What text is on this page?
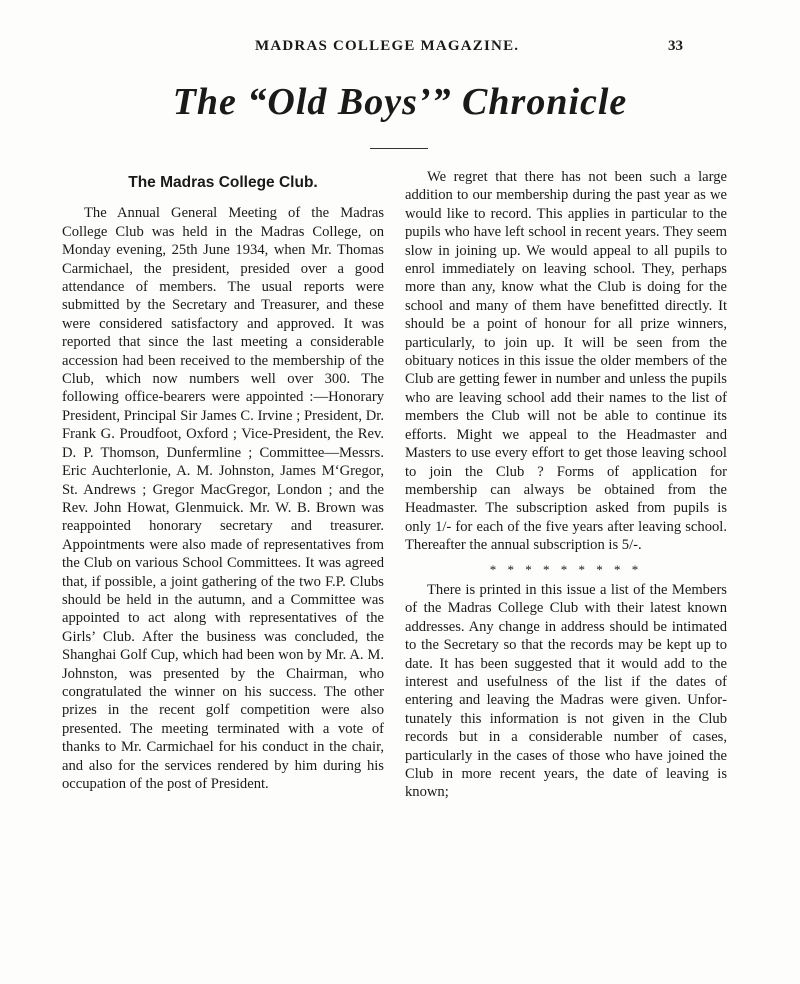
MADRAS COLLEGE MAGAZINE.	33
The “Old Boys’” Chronicle
The Madras College Club.

The Annual General Meeting of the Madras College Club was held in the Madras College, on Monday evening, 25th June 1934, when Mr. Thomas Carmichael, the president, presided over a good attendance of members. The usual reports were submitted by the Secretary and Treasurer, and these were considered satisfactory and approved. It was reported that since the last meeting a considerable accession had been received to the membership of the Club, which now numbers well over 300. The following office-bearers were appointed :—Honorary President, Principal Sir James C. Irvine ; President, Dr. Frank G. Proudfoot, Oxford ; Vice-President, the Rev. D. P. Thomson, Dunfermline ; Committee—Messrs. Eric Auchterlonie, A. M. Johnston, James M‘Gregor, St. Andrews ; Gregor MacGregor, London ; and the Rev. John Howat, Glenmuick. Mr. W. B. Brown was reappointed honorary secretary and treasurer. Appointments were also made of representatives from the Club on various School Committees. It was agreed that, if possible, a joint gathering of the two F.P. Clubs should be held in the autumn, and a Committee was appointed to act along with representatives of the Girls’ Club. After the business was concluded, the Shanghai Golf Cup, which had been won by Mr. A. M. Johnston, was presented by the Chairman, who congratulated the winner on his success. The other prizes in the recent golf competition were also presented. The meeting terminated with a vote of thanks to Mr. Carmichael for his conduct in the chair, and also for the services rendered by him during his occupation of the post of President.

We regret that there has not been such a large addition to our membership during the past year as we would like to record. This applies in particular to the pupils who have left school in recent years. They seem slow in joining up. We would appeal to all pupils to enrol immediately on leaving school. They, perhaps more than any, know what the Club is doing for the school and many of them have benefitted directly. It should be a point of honour for all prize winners, particularly, to join up. It will be seen from the obituary notices in this issue the older members of the Club are getting fewer in number and unless the pupils who are leaving school add their names to the list of members the Club will not be able to continue its efforts. Might we appeal to the Headmaster and Masters to use every effort to get those leaving school to join the Club ? Forms of application for membership can always be obtained from the Headmaster. The subscription asked from pupils is only 1/- for each of the five years after leaving school. Thereafter the annual subscription is 5/-.

* * * * * * * * *

There is printed in this issue a list of the Members of the Madras College Club with their latest known addresses. Any change in address should be intimated to the Secretary so that the records may be kept up to date. It has been suggested that it would add to the interest and usefulness of the list if the dates of entering and leaving the Madras were given. Unfortunately this information is not given in the Club records but in a considerable number of cases, particularly in the cases of those who have joined the Club in more recent years, the date of leaving is known;
